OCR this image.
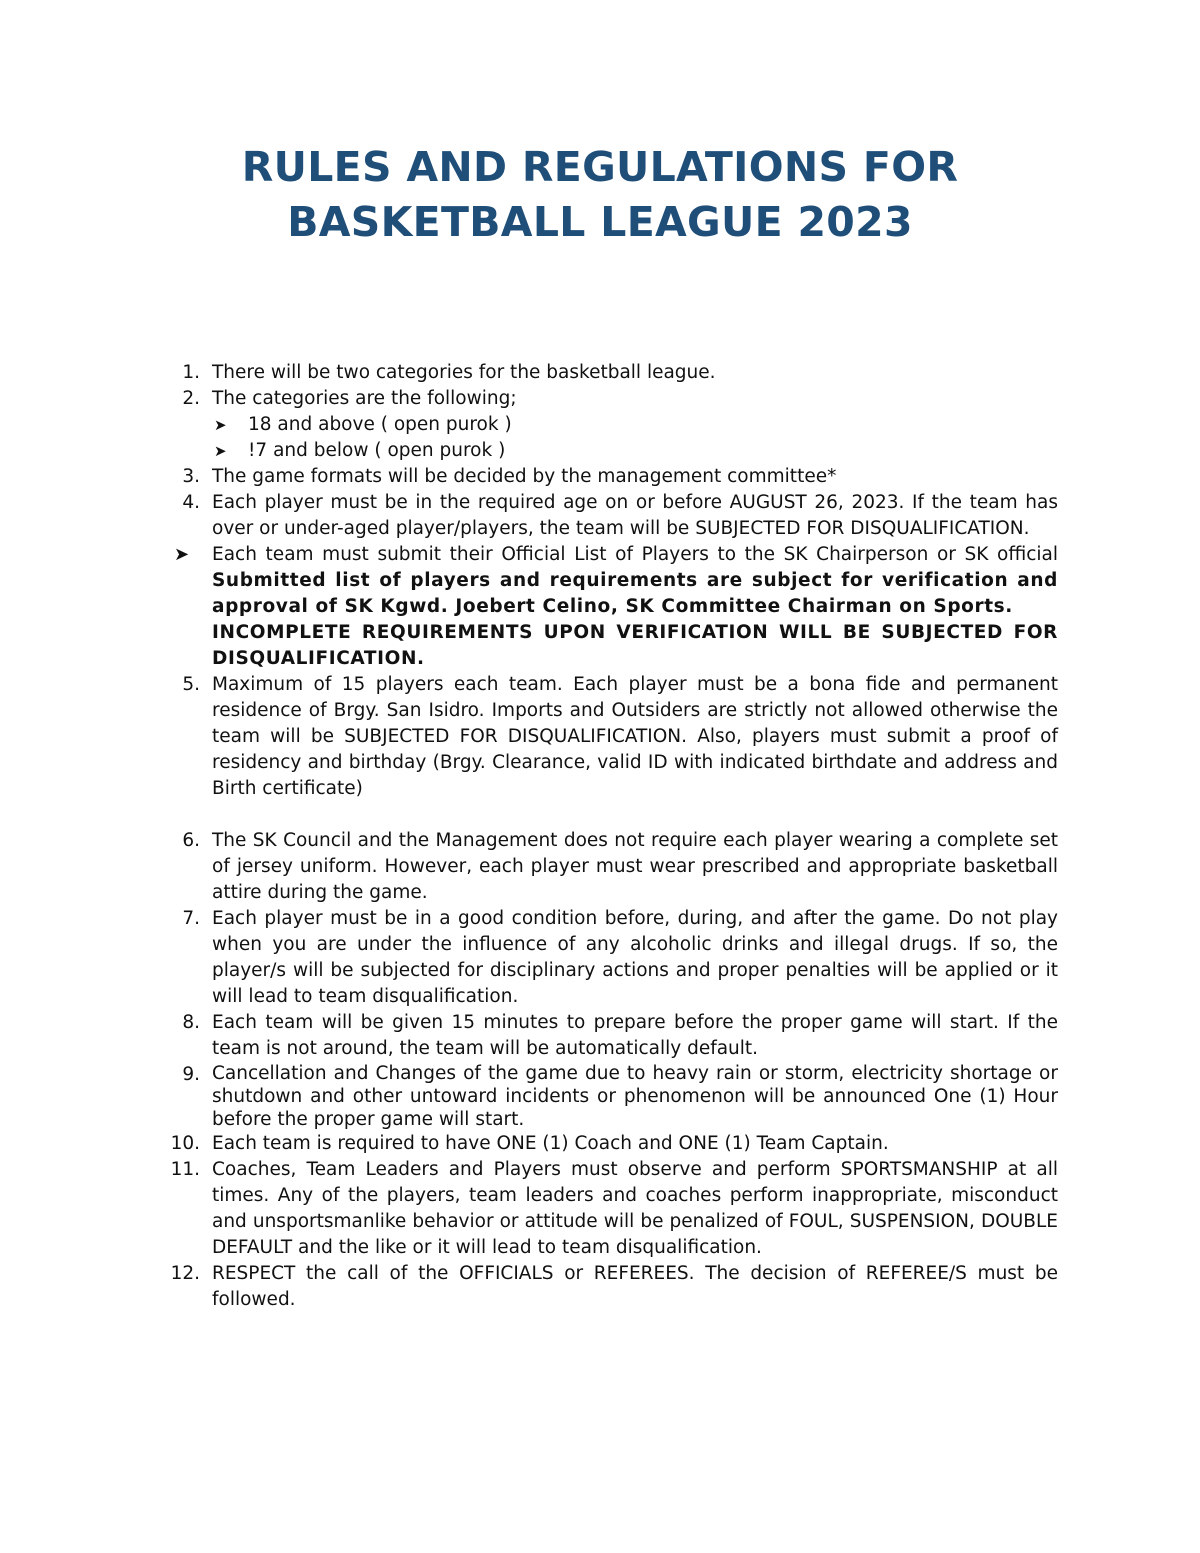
RULES AND REGULATIONS FOR
BASKETBALL LEAGUE 2023
1. There will be two categories for the basketball league.
2. The categories are the following;
➤ 18 and above ( open purok )
➤ !7 and below ( open purok )
3. The game formats will be decided by the management committee*
4. Each player must be in the required age on or before AUGUST 26, 2023. If the team has over or under-aged player/players, the team will be SUBJECTED FOR DISQUALIFICATION.
➤	Each team must submit their Official List of Players to the SK Chairperson or SK official Submitted list of players and requirements are subject for verification and approval of SK Kgwd. Joebert Celino, SK Committee Chairman on Sports.

INCOMPLETE REQUIREMENTS UPON VERIFICATION WILL BE SUBJECTED FOR DISQUALIFICATION.

5. Maximum of 15 players each team. Each player must be a bona fide and permanent residence of Brgy. San Isidro. Imports and Outsiders are strictly not allowed otherwise the team will be SUBJECTED FOR DISQUALIFICATION. Also, players must submit a proof of residency and birthday (Brgy. Clearance, valid ID with indicated birthdate and address and Birth certificate)
6. The SK Council and the Management does not require each player wearing a complete set of jersey uniform. However, each player must wear prescribed and appropriate basketball attire during the game.
7. Each player must be in a good condition before, during, and after the game. Do not play when you are under the influence of any alcoholic drinks and illegal drugs. If so, the player/s will be subjected for disciplinary actions and proper penalties will be applied or it will lead to team disqualification.
8. Each team will be given 15 minutes to prepare before the proper game will start. If the team is not around, the team will be automatically default.
9. Cancellation and Changes of the game due to heavy rain or storm, electricity shortage or shutdown and other untoward incidents or phenomenon will be announced One (1) Hour before the proper game will start.
10. Each team is required to have ONE (1) Coach and ONE (1) Team Captain.
11. Coaches, Team Leaders and Players must observe and perform SPORTSMANSHIP at all times. Any of the players, team leaders and coaches perform inappropriate, misconduct and unsportsmanlike behavior or attitude will be penalized of FOUL, SUSPENSION, DOUBLE DEFAULT and the like or it will lead to team disqualification.
12. RESPECT the call of the OFFICIALS or REFEREES. The decision of REFEREE/S must be followed.
